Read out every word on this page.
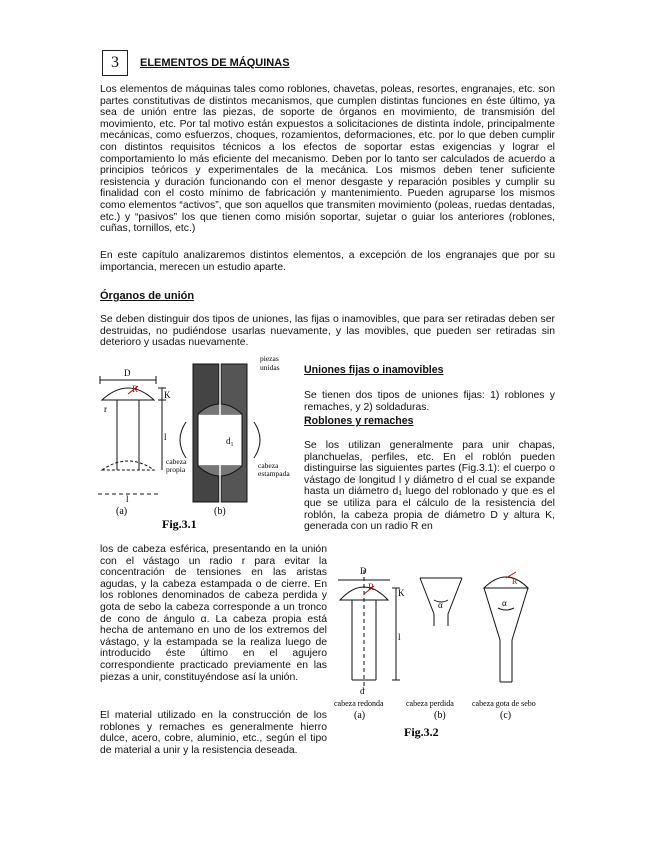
3	ELEMENTOS DE MÁQUINAS

Los elementos de máquinas tales como roblones, chavetas, poleas, resortes, engranajes, etc. son partes constitutivas de distintos mecanismos, que cumplen distintas funciones en éste último, ya sea de unión entre las piezas, de soporte de órganos en movimiento, de transmisión del movimiento, etc. Por tal motivo están expuestos a solicitaciones de distinta índole, principalmente mecánicas, como esfuerzos, choques, rozamientos, deformaciones, etc. por lo que deben cumplir con distintos requisitos técnicos a los efectos de soportar estas exigencias y lograr el comportamiento lo más eficiente del mecanismo. Deben por lo tanto ser calculados de acuerdo a principios teóricos y experimentales de la mecánica. Los mismos deben tener suficiente resistencia y duración funcionando con el menor desgaste y reparación posibles y cumplir su finalidad con el costo mínimo de fabricación y mantenimiento. Pueden agruparse los mismos como elementos “activos”, que son aquellos que transmiten movimiento (poleas, ruedas dentadas, etc.) y “pasivos” los que tienen como misión soportar, sujetar o guiar los anteriores (roblones, cuñas, tornillos, etc.)

En este capítulo analizaremos distintos elementos, a excepción de los engranajes que por su importancia, merecen un estudio aparte.

Órganos de unión

Se deben distinguir dos tipos de uniones, las fijas o inamovibles, que para ser retiradas deben ser destruidas, no pudiéndose usarlas nuevamente, y las movibles, que pueden ser retiradas sin deterioro y usadas nuevamente.

D
R
r
K
l
l
(a)
d₁
piezas
unidas
cabeza
propia	cabeza
estampada
(b)
Fig.3.1
Uniones fijas o inamovibles

Se tienen dos tipos de uniones fijas: 1) roblones y remaches, y 2) soldaduras.

Roblones y remaches

Se los utilizan generalmente para unir chapas, planchuelas, perfiles, etc. En el roblón pueden distinguirse las siguientes partes (Fig.3.1): el cuerpo o vástago de longitud l y diámetro d el cual se expande hasta un diámetro d₁ luego del roblonado y que es el que se utiliza para el cálculo de la resistencia del roblón, la cabeza propia de diámetro D y altura K, generada con un radio R en

los de cabeza esférica, presentando en la unión con el vástago un radio r para evitar la concentración de tensiones en las aristas agudas, y la cabeza estampada o de cierre. En los roblones denominados de cabeza perdida y gota de sebo la cabeza corresponde a un tronco de cono de ángulo α. La cabeza propia está hecha de antemano en uno de los extremos del vástago, y la estampada se la realiza luego de introducido éste último en el agujero correspondiente practicado previamente en las piezas a unir, constituyéndose así la unión.

El material utilizado en la construcción de los roblones y remaches es generalmente hierro dulce, acero, cobre, aluminio, etc., según el tipo de material a unir y la resistencia deseada.

D
R
K
l
d
α	α
R
cabeza redonda	cabeza perdida cabeza gota de sebo
(a)	(b)	(c)
Fig.3.2
